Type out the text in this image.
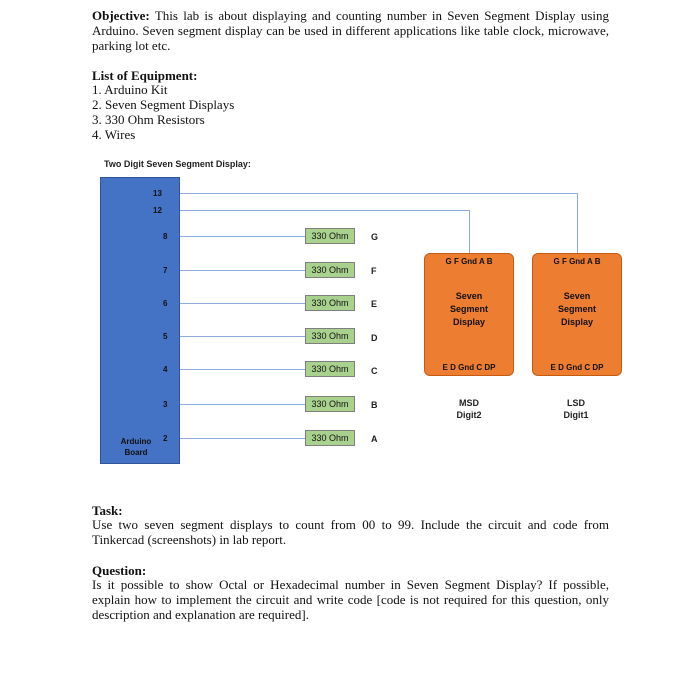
Objective: This lab is about displaying and counting number in Seven Segment Display using Arduino. Seven segment display can be used in different applications like table clock, microwave, parking lot etc.

List of Equipment:
1. Arduino Kit
2. Seven Segment Displays
3. 330 Ohm Resistors
4. Wires
Two Digit Seven Segment Display:
13
12
8
7
6
5
4
3
2
Arduino Board
330 Ohm	G
330 Ohm	F
330 Ohm	E
330 Ohm	D
330 Ohm	C
330 Ohm	B
330 Ohm	A
G F Gnd A B
Seven
Segment
Display
E D Gnd C DP
MSD
Digit2
G F Gnd A B
Seven
Segment
Display
E D Gnd C DP
LSD
Digit1
Task:

Use two seven segment displays to count from 00 to 99. Include the circuit and code from Tinkercad (screenshots) in lab report.

Question:

Is it possible to show Octal or Hexadecimal number in Seven Segment Display? If possible, explain how to implement the circuit and write code [code is not required for this question, only description and explanation are required].
